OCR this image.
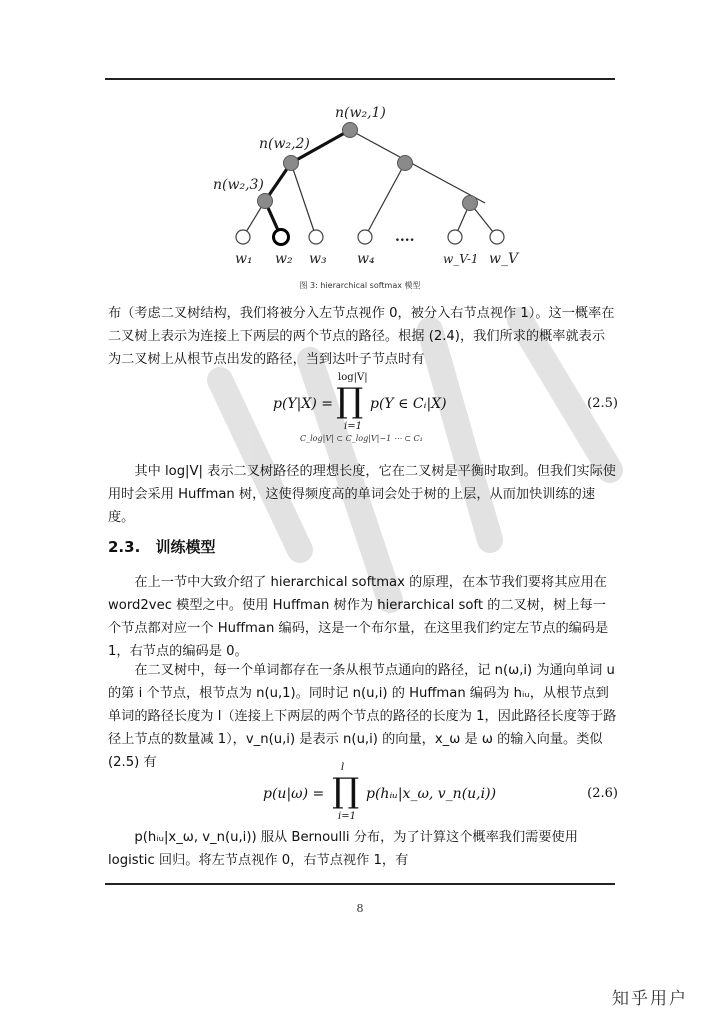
n(w₂,1)
n(w₂,2)
n(w₂,3)
w₁ w₂ w₃ w₄
....
w_V-1 w_V
图 3: hierarchical softmax 模型

布（考虑二叉树结构，我们将被分入左节点视作 0，被分入右节点视作 1）。这一概率在二叉树上表示为连接上下两层的两个节点的路径。根据 (2.4)，我们所求的概率就表示为二叉树上从根节点出发的路径，当到达叶子节点时有

p(Y|X) =
log|V|
∏
i=1
p(Y ∈ Cᵢ|X)	(2.5)
C_log|V| ⊂ C_log|V|−1 ⋯ ⊂ C₁

其中 log|V| 表示二叉树路径的理想长度，它在二叉树是平衡时取到。但我们实际使用时会采用 Huffman 树，这使得频度高的单词会处于树的上层，从而加快训练的速度。

2.3. 训练模型

在上一节中大致介绍了 hierarchical softmax 的原理，在本节我们要将其应用在 word2vec 模型之中。使用 Huffman 树作为 hierarchical soft 的二叉树，树上每一个节点都对应一个 Huffman 编码，这是一个布尔量，在这里我们约定左节点的编码是 1，右节点的编码是 0。

在二叉树中，每一个单词都存在一条从根节点通向的路径，记 n(ω,i) 为通向单词 u 的第 i 个节点，根节点为 n(u,1)。同时记 n(u,i) 的 Huffman 编码为 hᵢᵤ，从根节点到单词的路径长度为 l（连接上下两层的两个节点的路径的长度为 1，因此路径长度等于路径上节点的数量减 1），v_n(u,i) 是表示 n(u,i) 的向量，x_ω 是 ω 的输入向量。类似 (2.5) 有

p(u|ω) =
l
∏
i=1
p(hᵢᵤ|x_ω, v_n(u,i))	(2.6)

p(hᵢᵤ|x_ω, v_n(u,i)) 服从 Bernoulli 分布，为了计算这个概率我们需要使用 logistic 回归。将左节点视作 0，右节点视作 1，有

8
知乎用户
